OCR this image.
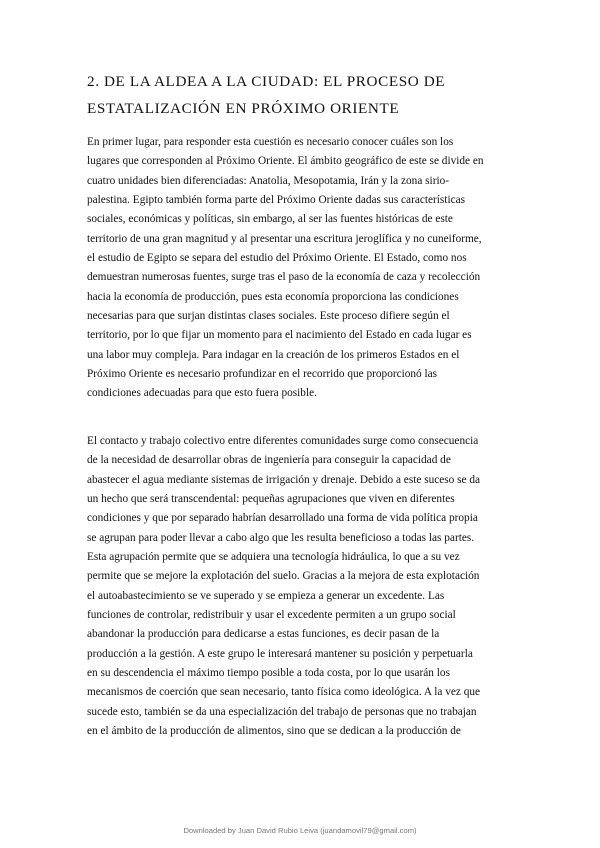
2. DE LA ALDEA A LA CIUDAD: EL PROCESO DE
ESTATALIZACIÓN EN PRÓXIMO ORIENTE

En primer lugar, para responder esta cuestión es necesario conocer cuáles son los
lugares que corresponden al Próximo Oriente. El ámbito geográfico de este se divide en
cuatro unidades bien diferenciadas: Anatolia, Mesopotamia, Irán y la zona sirio-
palestina. Egipto también forma parte del Próximo Oriente dadas sus características
sociales, económicas y políticas, sin embargo, al ser las fuentes históricas de este
territorio de una gran magnitud y al presentar una escritura jeroglífica y no cuneiforme,
el estudio de Egipto se separa del estudio del Próximo Oriente. El Estado, como nos
demuestran numerosas fuentes, surge tras el paso de la economía de caza y recolección
hacia la economía de producción, pues esta economía proporciona las condiciones
necesarias para que surjan distintas clases sociales. Este proceso difiere según el
territorio, por lo que fijar un momento para el nacimiento del Estado en cada lugar es
una labor muy compleja. Para indagar en la creación de los primeros Estados en el
Próximo Oriente es necesario profundizar en el recorrido que proporcionó las
condiciones adecuadas para que esto fuera posible.

El contacto y trabajo colectivo entre diferentes comunidades surge como consecuencia
de la necesidad de desarrollar obras de ingeniería para conseguir la capacidad de
abastecer el agua mediante sistemas de irrigación y drenaje. Debido a este suceso se da
un hecho que será transcendental: pequeñas agrupaciones que viven en diferentes
condiciones y que por separado habrían desarrollado una forma de vida política propia
se agrupan para poder llevar a cabo algo que les resulta beneficioso a todas las partes.
Esta agrupación permite que se adquiera una tecnología hidráulica, lo que a su vez
permite que se mejore la explotación del suelo. Gracias a la mejora de esta explotación
el autoabastecimiento se ve superado y se empieza a generar un excedente. Las
funciones de controlar, redistribuir y usar el excedente permiten a un grupo social
abandonar la producción para dedicarse a estas funciones, es decir pasan de la
producción a la gestión. A este grupo le interesará mantener su posición y perpetuarla
en su descendencia el máximo tiempo posible a toda costa, por lo que usarán los
mecanismos de coerción que sean necesario, tanto física como ideológica. A la vez que
sucede esto, también se da una especialización del trabajo de personas que no trabajan
en el ámbito de la producción de alimentos, sino que se dedican a la producción de

Downloaded by Juan David Rubio Leiva (juandamovil79@gmail.com)
